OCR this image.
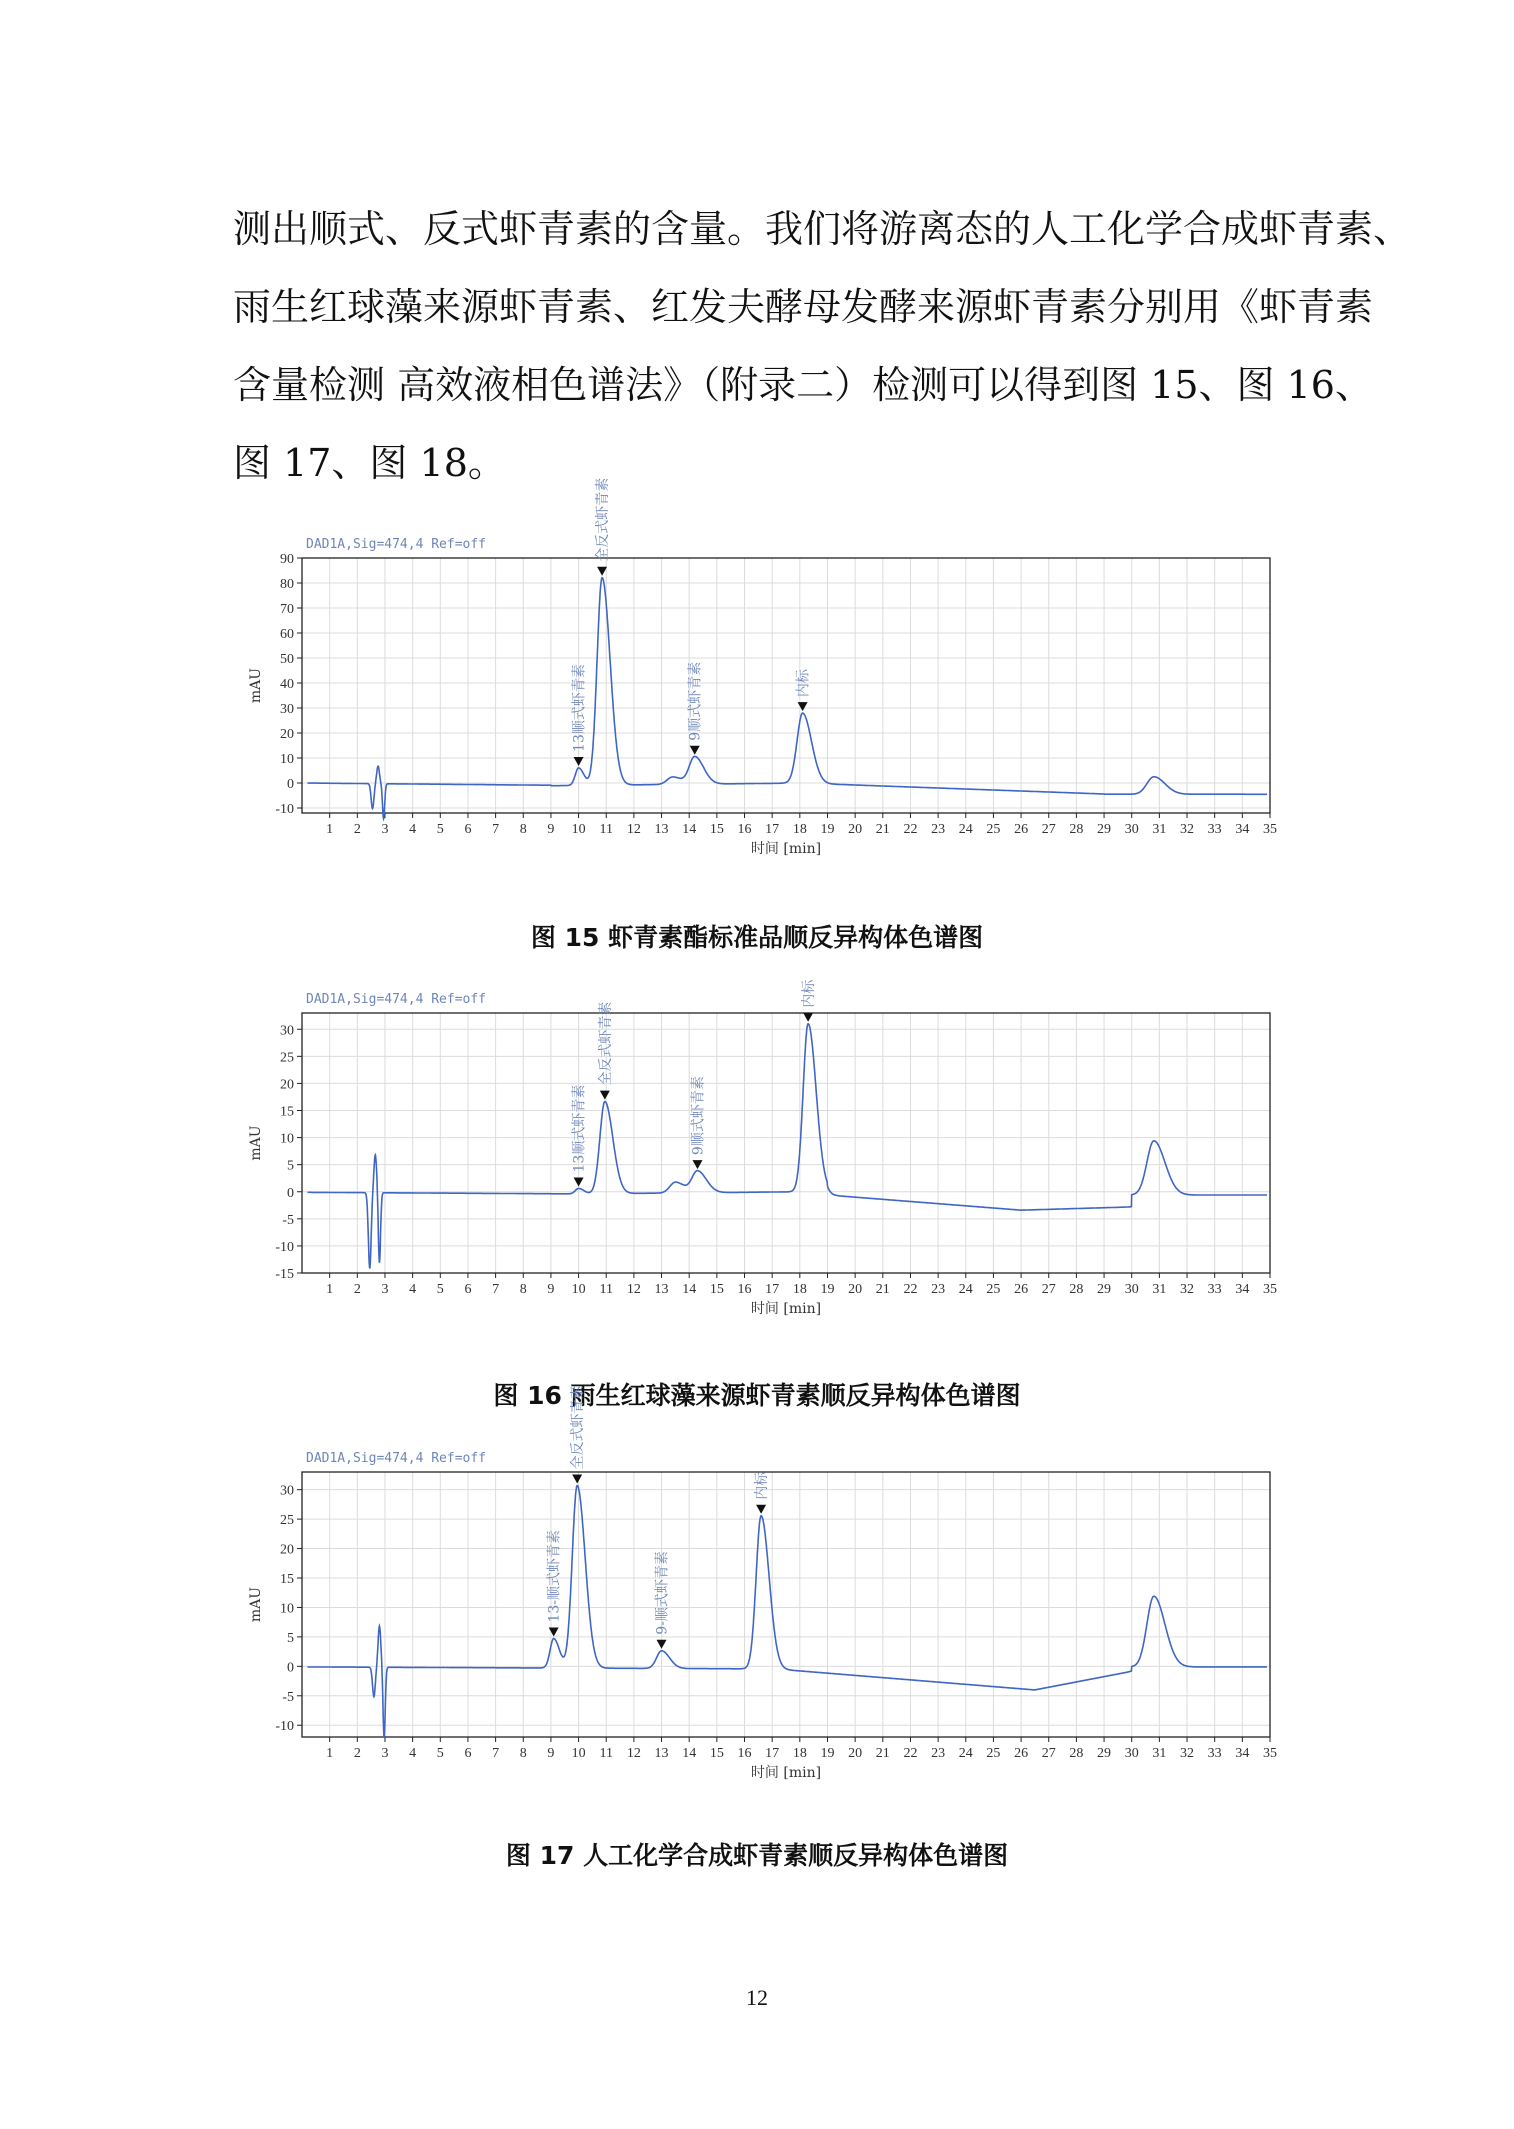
测出顺式、反式虾青素的含量。我们将游离态的人工化学合成虾青素、

雨生红球藻来源虾青素、红发夫酵母发酵来源虾青素分别用《虾青素

含量检测 高效液相色谱法》（附录二）检测可以得到图 15、图 16、

图 17、图 18。

DAD1A,Sig=474,4 Ref=off
1 2 3 4 5 6 7 8 9 10 11 12 13 14 15 16 17 18 19 20 21 22 23 24 25 26 27 28 29 30 31 32 33 34 35
-10
0
10
20
30
40
50
60
70
80
90
时间 [min]
mAU	13顺式虾青素
全反式虾青素
9顺式虾青素	内标
图 15 虾青素酯标准品顺反异构体色谱图
DAD1A,Sig=474,4 Ref=off
1 2 3 4 5 6 7 8 9 10 11 12 13 14 15 16 17 18 19 20 21 22 23 24 25 26 27 28 29 30 31 32 33 34 35
-15
-10
-5
0
5
10
15
20
25
30
时间 [min]
mAU	13顺式虾青素
全反式虾青素
9顺式虾青素
内标
图 16 雨生红球藻来源虾青素顺反异构体色谱图
DAD1A,Sig=474,4 Ref=off
1 2 3 4 5 6 7 8 9 10 11 12 13 14 15 16 17 18 19 20 21 22 23 24 25 26 27 28 29 30 31 32 33 34 35
-10
-5
0
5
10
15
20
25
30
时间 [min]
mAU	13-顺式虾青素
全反式虾青素
9-顺式虾青素
内标
图 17 人工化学合成虾青素顺反异构体色谱图
12
